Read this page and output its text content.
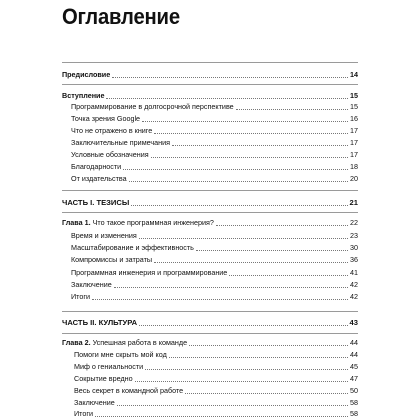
Оглавление
Предисловие	14
Вступление	15
Программирование в долгосрочной перспективе	15
Точка зрения Google	16
Что не отражено в книге	17
Заключительные примечания	17
Условные обозначения	17
Благодарности	18
От издательства	20
ЧАСТЬ I. ТЕЗИСЫ	21
Глава 1. Что такое программная инженерия?	22
Время и изменения	23
Масштабирование и эффективность	30
Компромиссы и затраты	36
Программная инженерия и программирование	41
Заключение	42
Итоги	42
ЧАСТЬ II. КУЛЬТУРА	43
Глава 2. Успешная работа в команде	44
Помоги мне скрыть мой код	44
Миф о гениальности	45
Сокрытие вредно	47
Весь секрет в командной работе	50
Заключение	58
Итоги	58
